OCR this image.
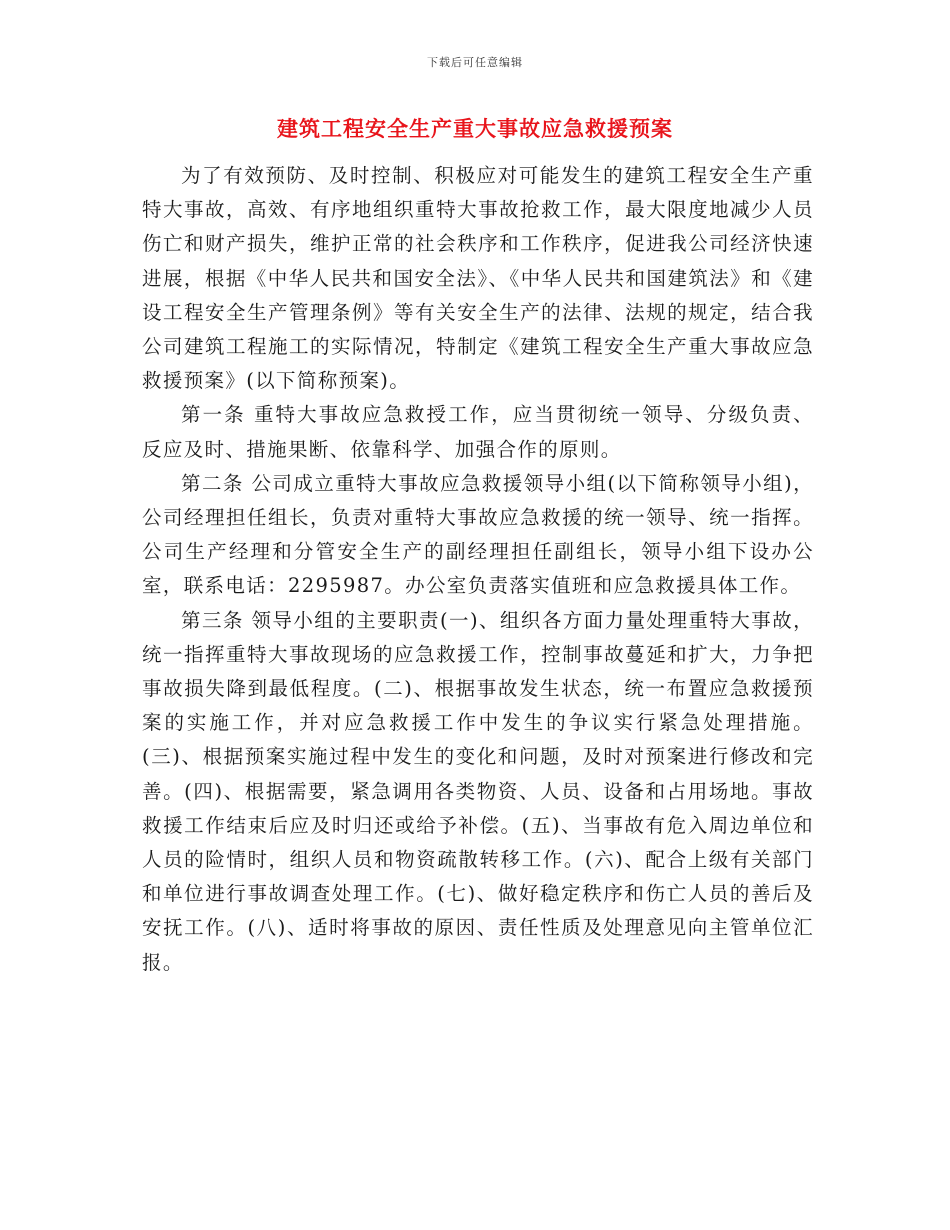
下载后可任意编辑
建筑工程安全生产重大事故应急救援预案

为了有效预防、及时控制、积极应对可能发生的建筑工程安全生产重特大事故，高效、有序地组织重特大事故抢救工作，最大限度地减少人员伤亡和财产损失，维护正常的社会秩序和工作秩序，促进我公司经济快速进展，根据《中华人民共和国安全法》、《中华人民共和国建筑法》和《建设工程安全生产管理条例》等有关安全生产的法律、法规的规定，结合我公司建筑工程施工的实际情况，特制定《建筑工程安全生产重大事故应急救援预案》(以下简称预案)。

第一条 重特大事故应急救授工作，应当贯彻统一领导、分级负责、反应及时、措施果断、依靠科学、加强合作的原则。

第二条 公司成立重特大事故应急救援领导小组(以下简称领导小组)，公司经理担任组长，负责对重特大事故应急救援的统一领导、统一指挥。公司生产经理和分管安全生产的副经理担任副组长，领导小组下设办公室，联系电话：2295987。办公室负责落实值班和应急救援具体工作。

第三条 领导小组的主要职责(一)、组织各方面力量处理重特大事故，统一指挥重特大事故现场的应急救援工作，控制事故蔓延和扩大，力争把事故损失降到最低程度。(二)、根据事故发生状态，统一布置应急救援预案的实施工作，并对应急救援工作中发生的争议实行紧急处理措施。(三)、根据预案实施过程中发生的变化和问题，及时对预案进行修改和完善。(四)、根据需要，紧急调用各类物资、人员、设备和占用场地。事故救援工作结束后应及时归还或给予补偿。(五)、当事故有危入周边单位和人员的险情时，组织人员和物资疏散转移工作。(六)、配合上级有关部门和单位进行事故调查处理工作。(七)、做好稳定秩序和伤亡人员的善后及安抚工作。(八)、适时将事故的原因、责任性质及处理意见向主管单位汇报。
